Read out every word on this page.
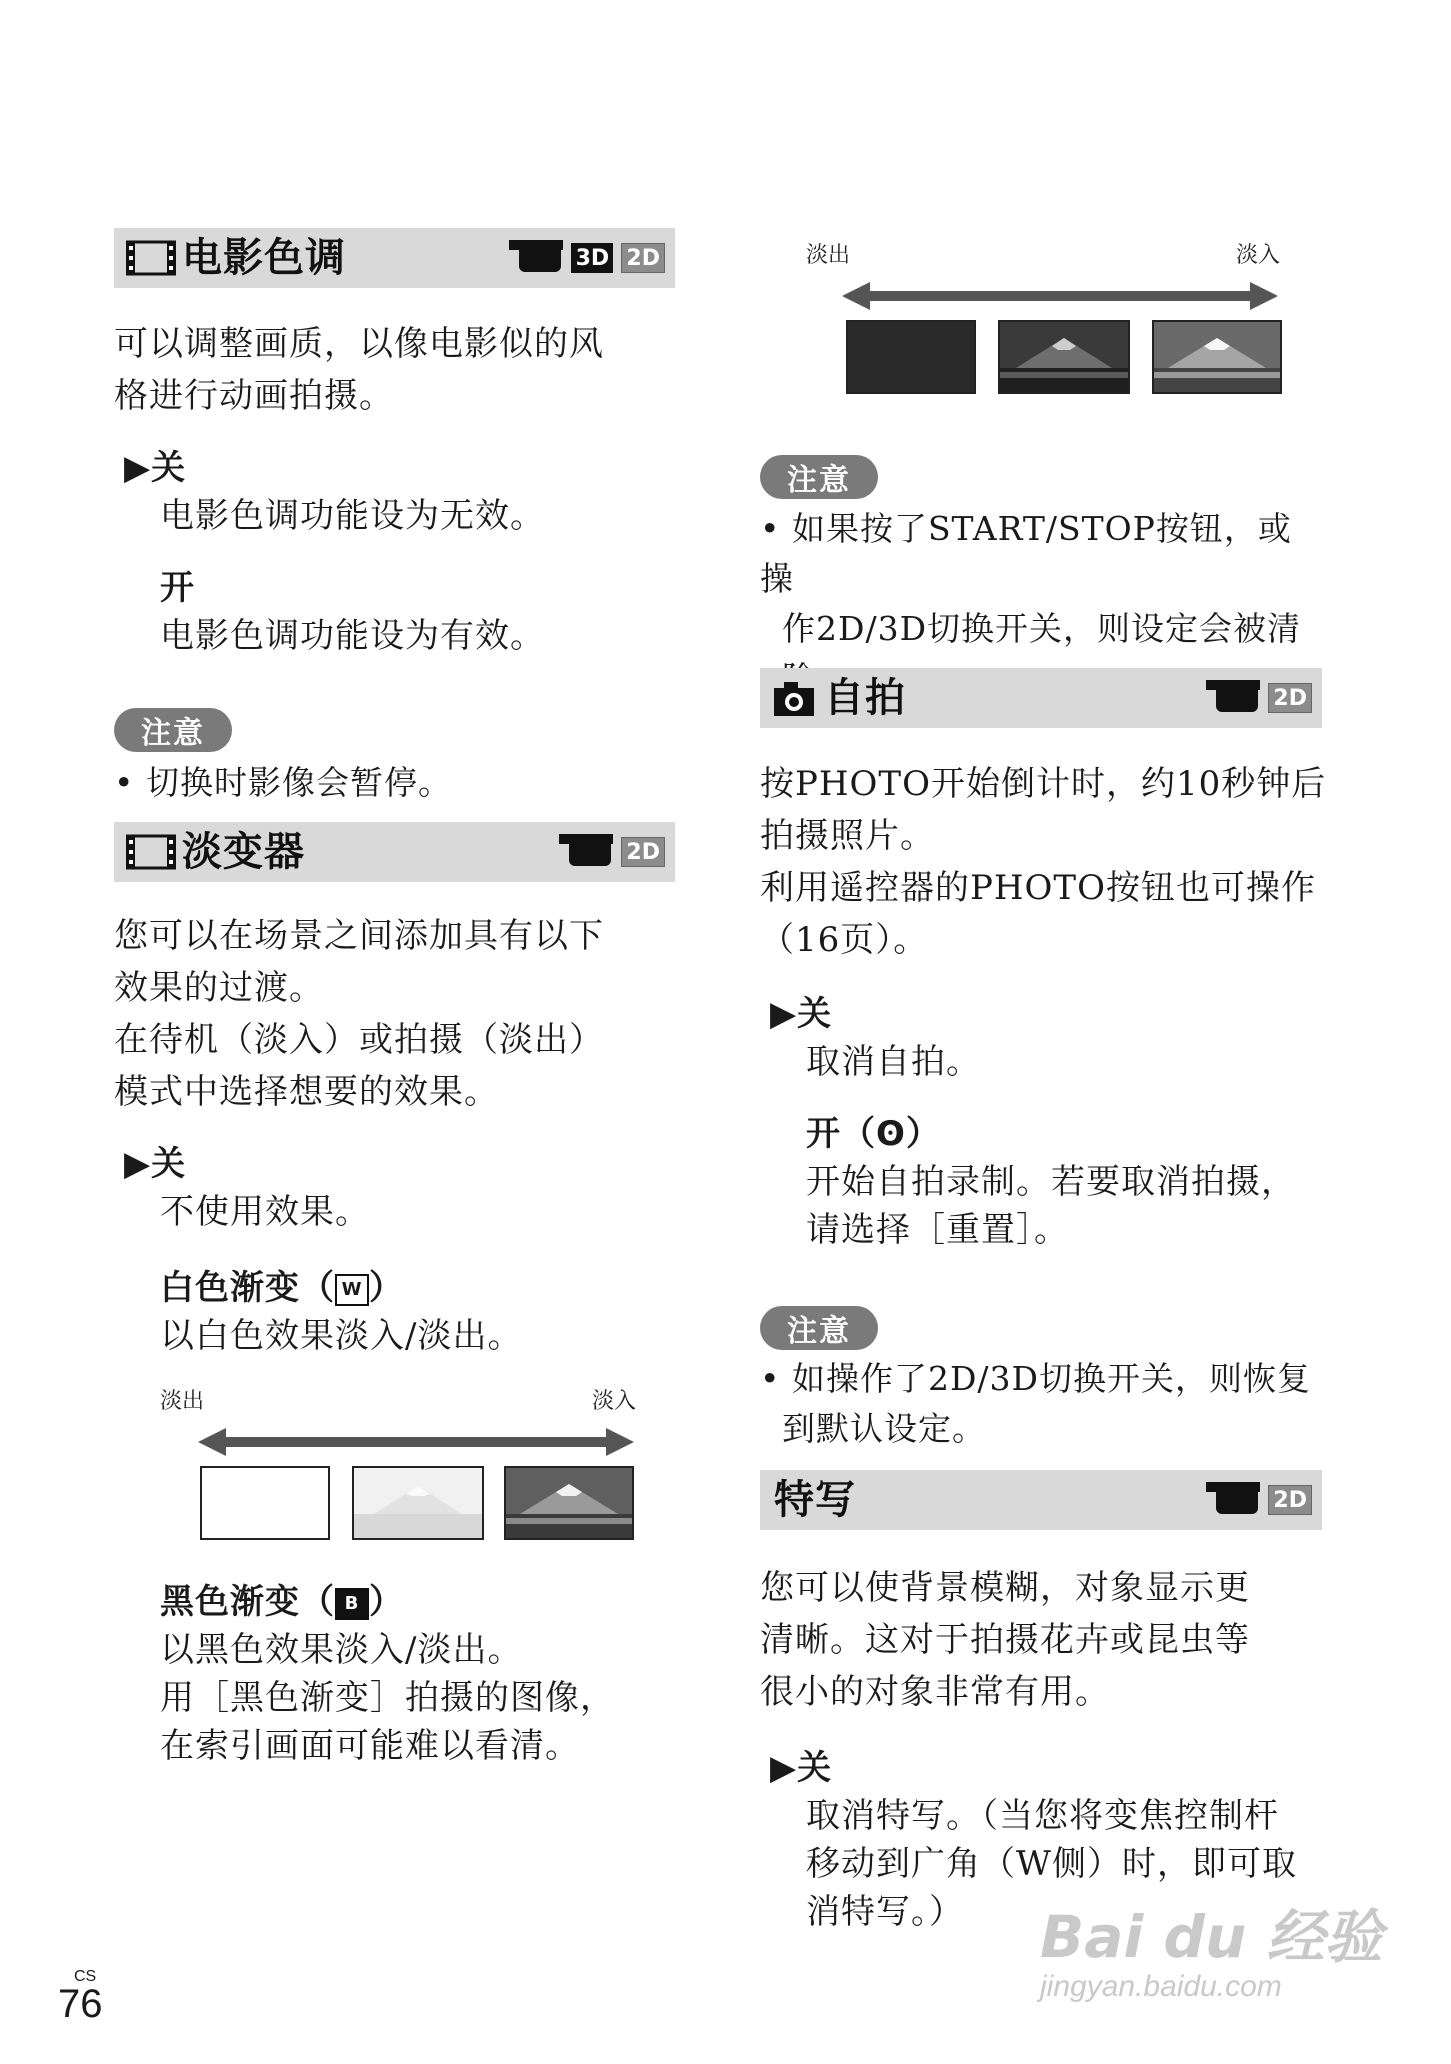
电影色调	3D 2D
可以调整画质，以像电影似的风
格进行动画拍摄。
▶关
电影色调功能设为无效。
开
电影色调功能设为有效。
注意
• 切换时影像会暂停。
淡变器	2D
您可以在场景之间添加具有以下
效果的过渡。
在待机（淡入）或拍摄（淡出）
模式中选择想要的效果。
▶关
不使用效果。
白色渐变（ W ）
以白色效果淡入/淡出。
淡出	淡入
黑色渐变（ B ）
以黑色效果淡入/淡出。
用［黑色渐变］拍摄的图像，
在索引画面可能难以看清。
淡出	淡入
注意
• 如果按了START/STOP按钮，或操
作2D/3D切换开关，则设定会被清
自拍	2D
按PHOTO开始倒计时，约10秒钟后
拍摄照片。
利用遥控器的PHOTO按钮也可操作
（16页）。
▶关
取消自拍。
开（ʘ）
开始自拍录制。若要取消拍摄，
请选择［重置］。
注意
• 如操作了2D/3D切换开关，则恢复
到默认设定。
特写	2D
您可以使背景模糊，对象显示更
清晰。这对于拍摄花卉或昆虫等
很小的对象非常有用。
▶关
取消特写。（当您将变焦控制杆
移动到广角（W侧）时，即可取
消特写。）
CS
76
Bai du 经验
jingyan.baidu.com
